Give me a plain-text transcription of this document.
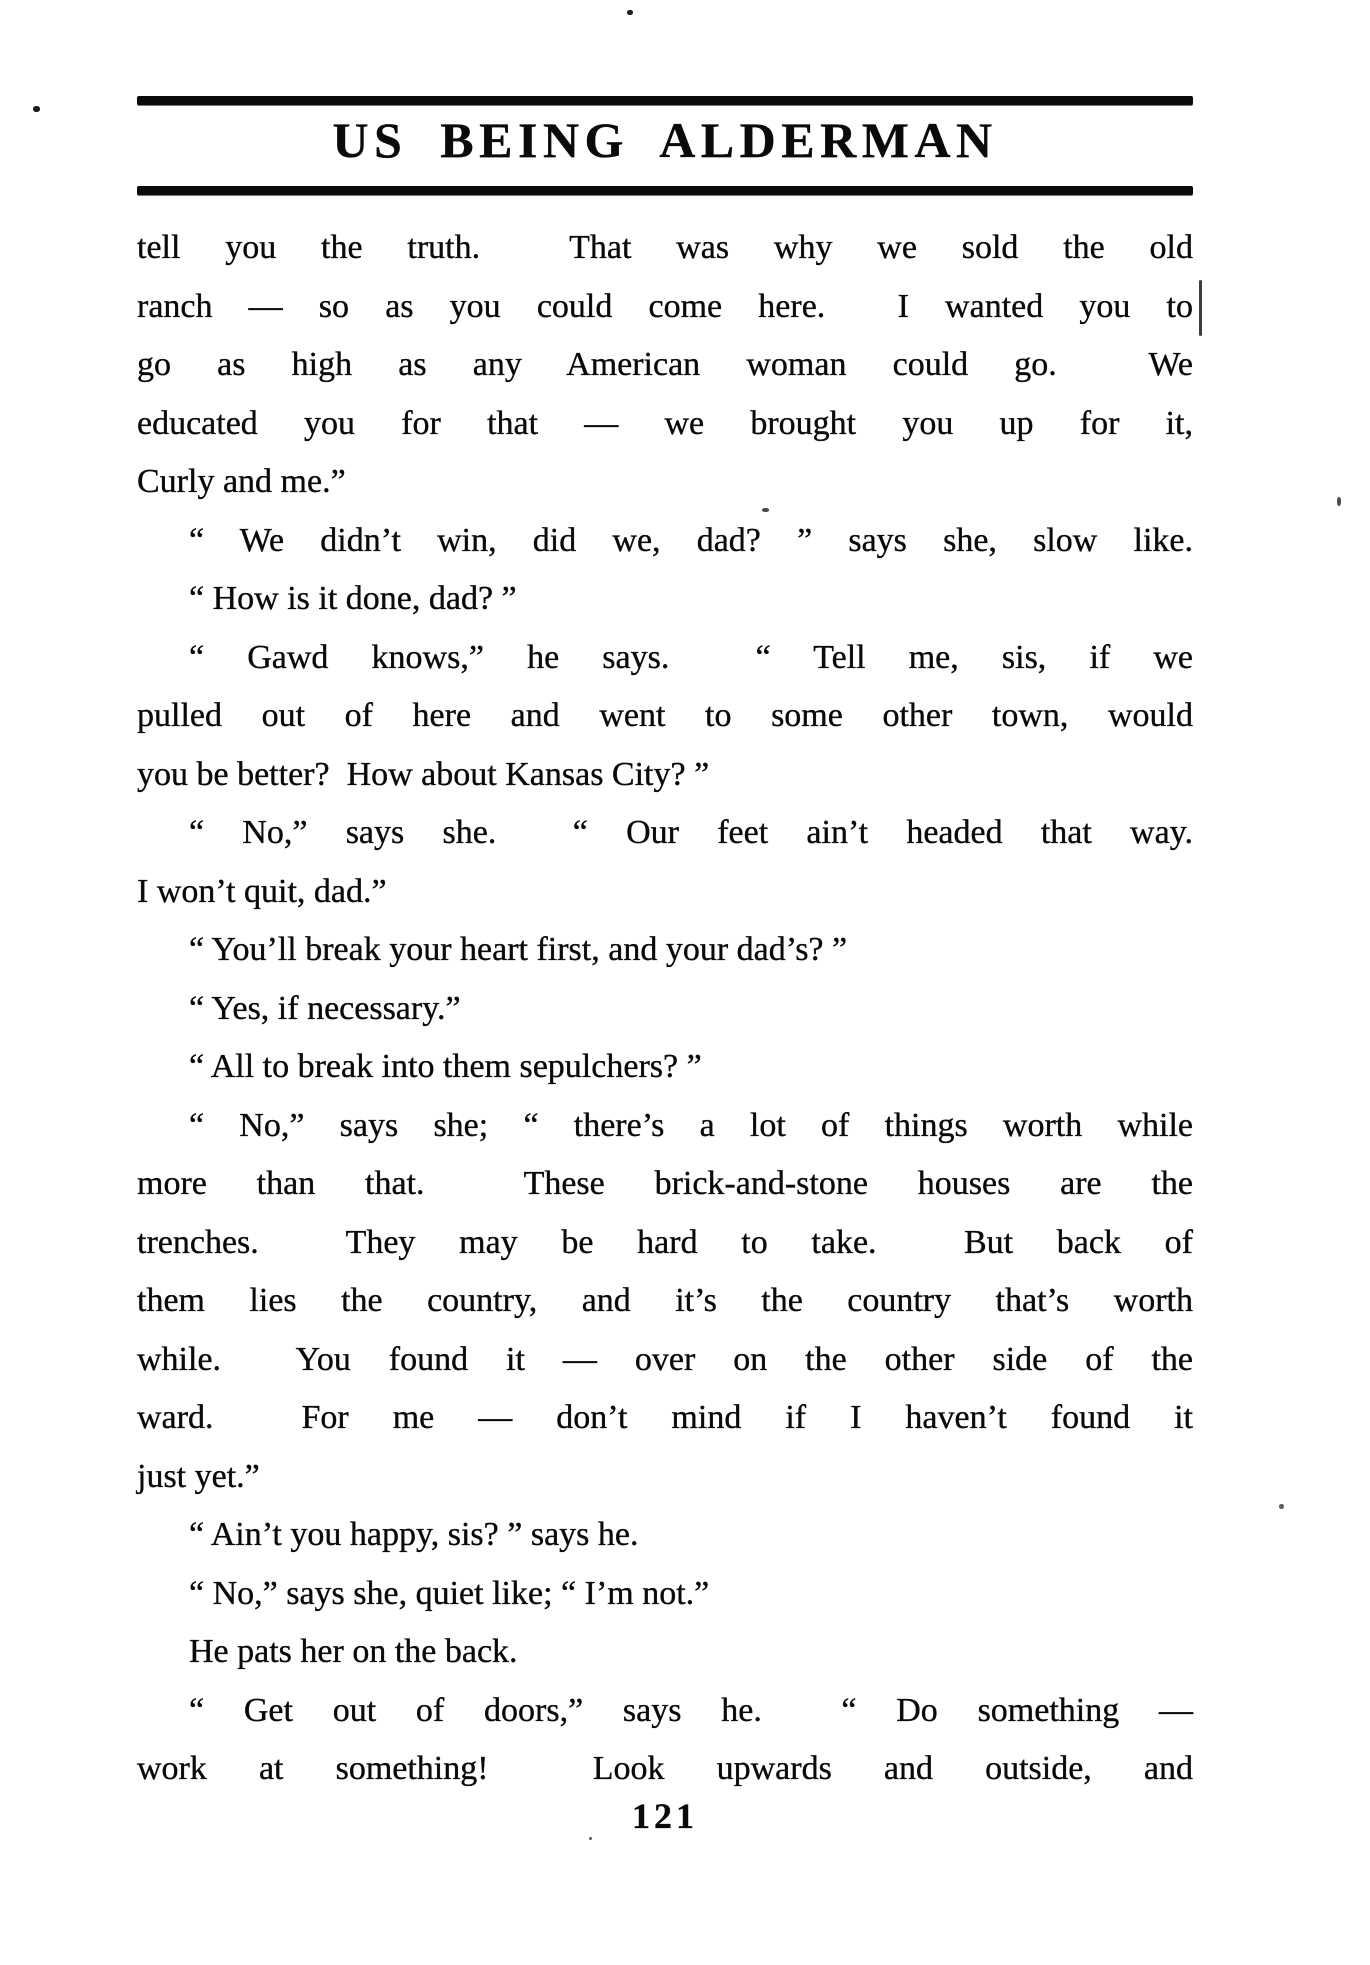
US BEING ALDERMAN
tell you the truth.  That was why we sold the old
ranch — so as you could come here.  I wanted you to
go as high as any American woman could go.  We
educated you for that — we brought you up for it,
Curly and me.”
“ We didn’t win, did we, dad? ” says she, slow like.
“ How is it done, dad? ”
“ Gawd knows,” he says.  “ Tell me, sis, if we
pulled out of here and went to some other town, would
you be better?  How about Kansas City? ”
“ No,” says she.  “ Our feet ain’t headed that way.
I won’t quit, dad.”
“ You’ll break your heart first, and your dad’s? ”
“ Yes, if necessary.”
“ All to break into them sepulchers? ”
“ No,” says she; “ there’s a lot of things worth while
more than that.  These brick-and-stone houses are the
trenches.  They may be hard to take.  But back of
them lies the country, and it’s the country that’s worth
while.  You found it — over on the other side of the
ward.  For me — don’t mind if I haven’t found it
just yet.”
“ Ain’t you happy, sis? ” says he.
“ No,” says she, quiet like; “ I’m not.”
He pats her on the back.
“ Get out of doors,” says he.  “ Do something —
work at something!  Look upwards and outside, and
121
